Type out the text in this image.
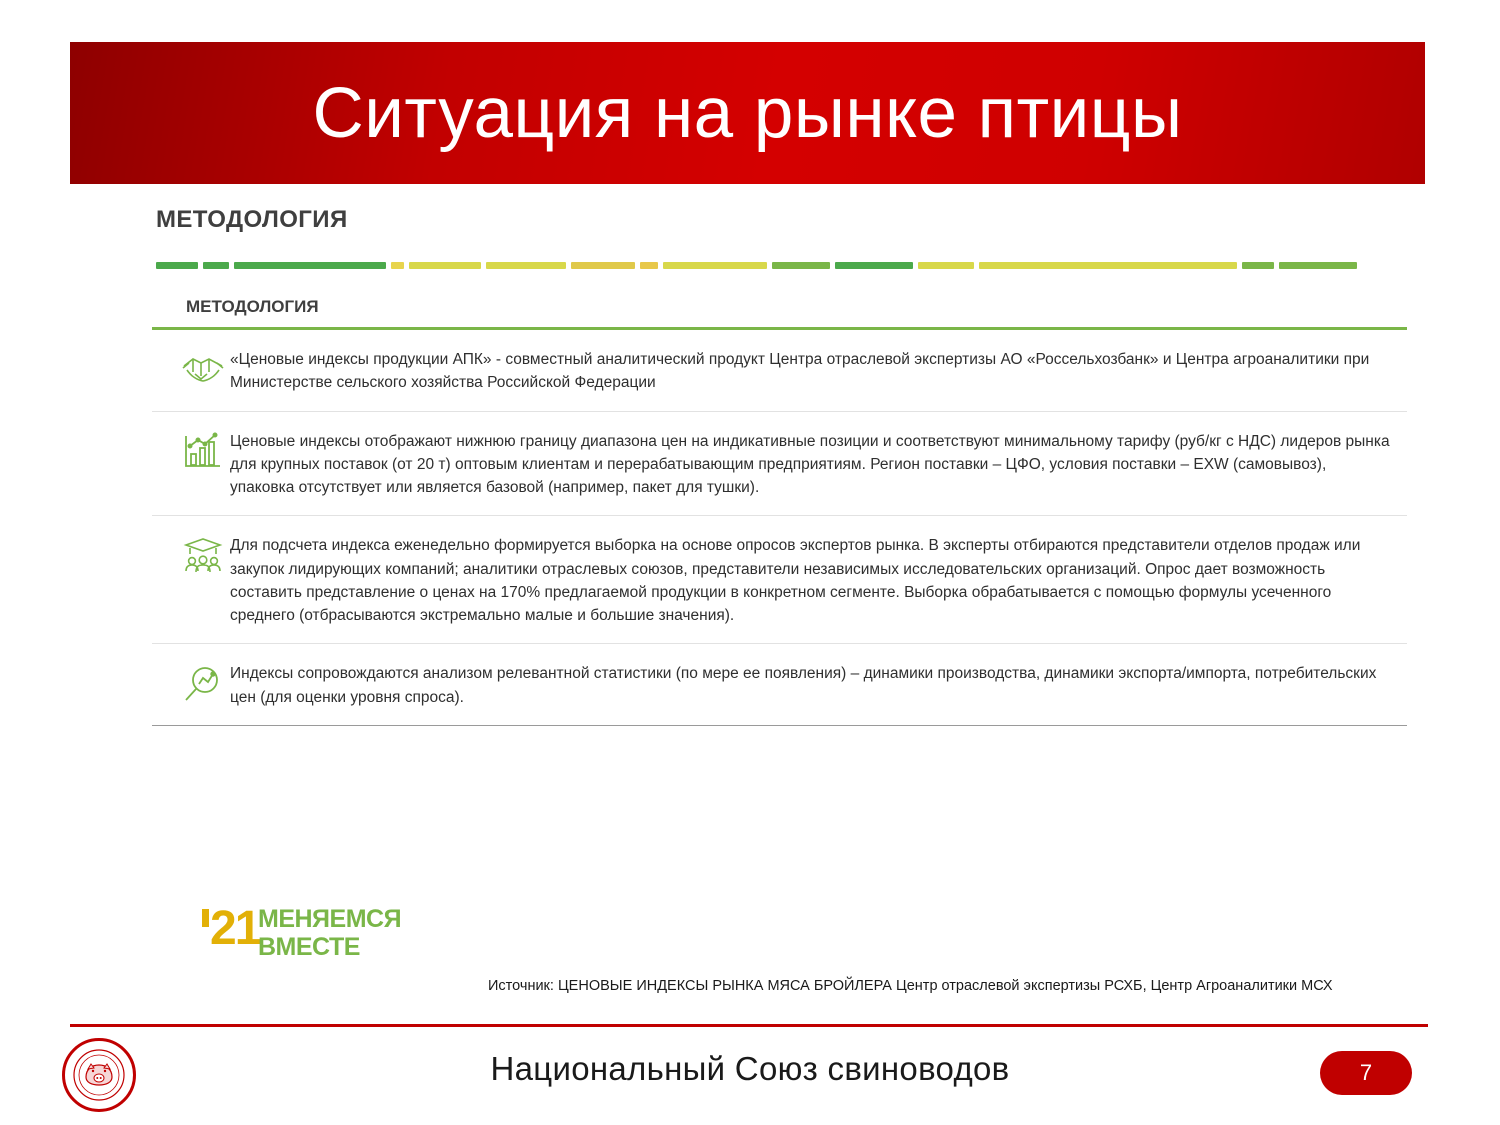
Ситуация на рынке птицы
МЕТОДОЛОГИЯ
МЕТОДОЛОГИЯ
«Ценовые индексы продукции АПК» - совместный аналитический продукт Центра отраслевой экспертизы АО «Россельхозбанк» и Центра агроаналитики при Министерстве сельского хозяйства Российской Федерации
Ценовые индексы отображают нижнюю границу диапазона цен на индикативные позиции и соответствуют минимальному тарифу (руб/кг с НДС) лидеров рынка для крупных поставок (от 20 т) оптовым клиентам и перерабатывающим предприятиям. Регион поставки – ЦФО, условия поставки – EXW (самовывоз), упаковка отсутствует или является базовой (например, пакет для тушки).
Для подсчета индекса еженедельно формируется выборка на основе опросов экспертов рынка. В эксперты отбираются представители отделов продаж или закупок лидирующих компаний; аналитики отраслевых союзов, представители независимых исследовательских организаций. Опрос дает возможность составить представление о ценах на 170% предлагаемой продукции в конкретном сегменте. Выборка обрабатывается с помощью формулы усеченного среднего (отбрасываются экстремально малые и большие значения).
Индексы сопровождаются анализом релевантной статистики (по мере ее появления) – динамики производства, динамики экспорта/импорта, потребительских цен (для оценки уровня спроса).
21
МЕНЯЕМСЯ
ВМЕСТЕ
Источник: ЦЕНОВЫЕ ИНДЕКСЫ РЫНКА МЯСА БРОЙЛЕРА Центр отраслевой экспертизы РСХБ, Центр Агроаналитики МСХ
Национальный Союз свиноводов	7
